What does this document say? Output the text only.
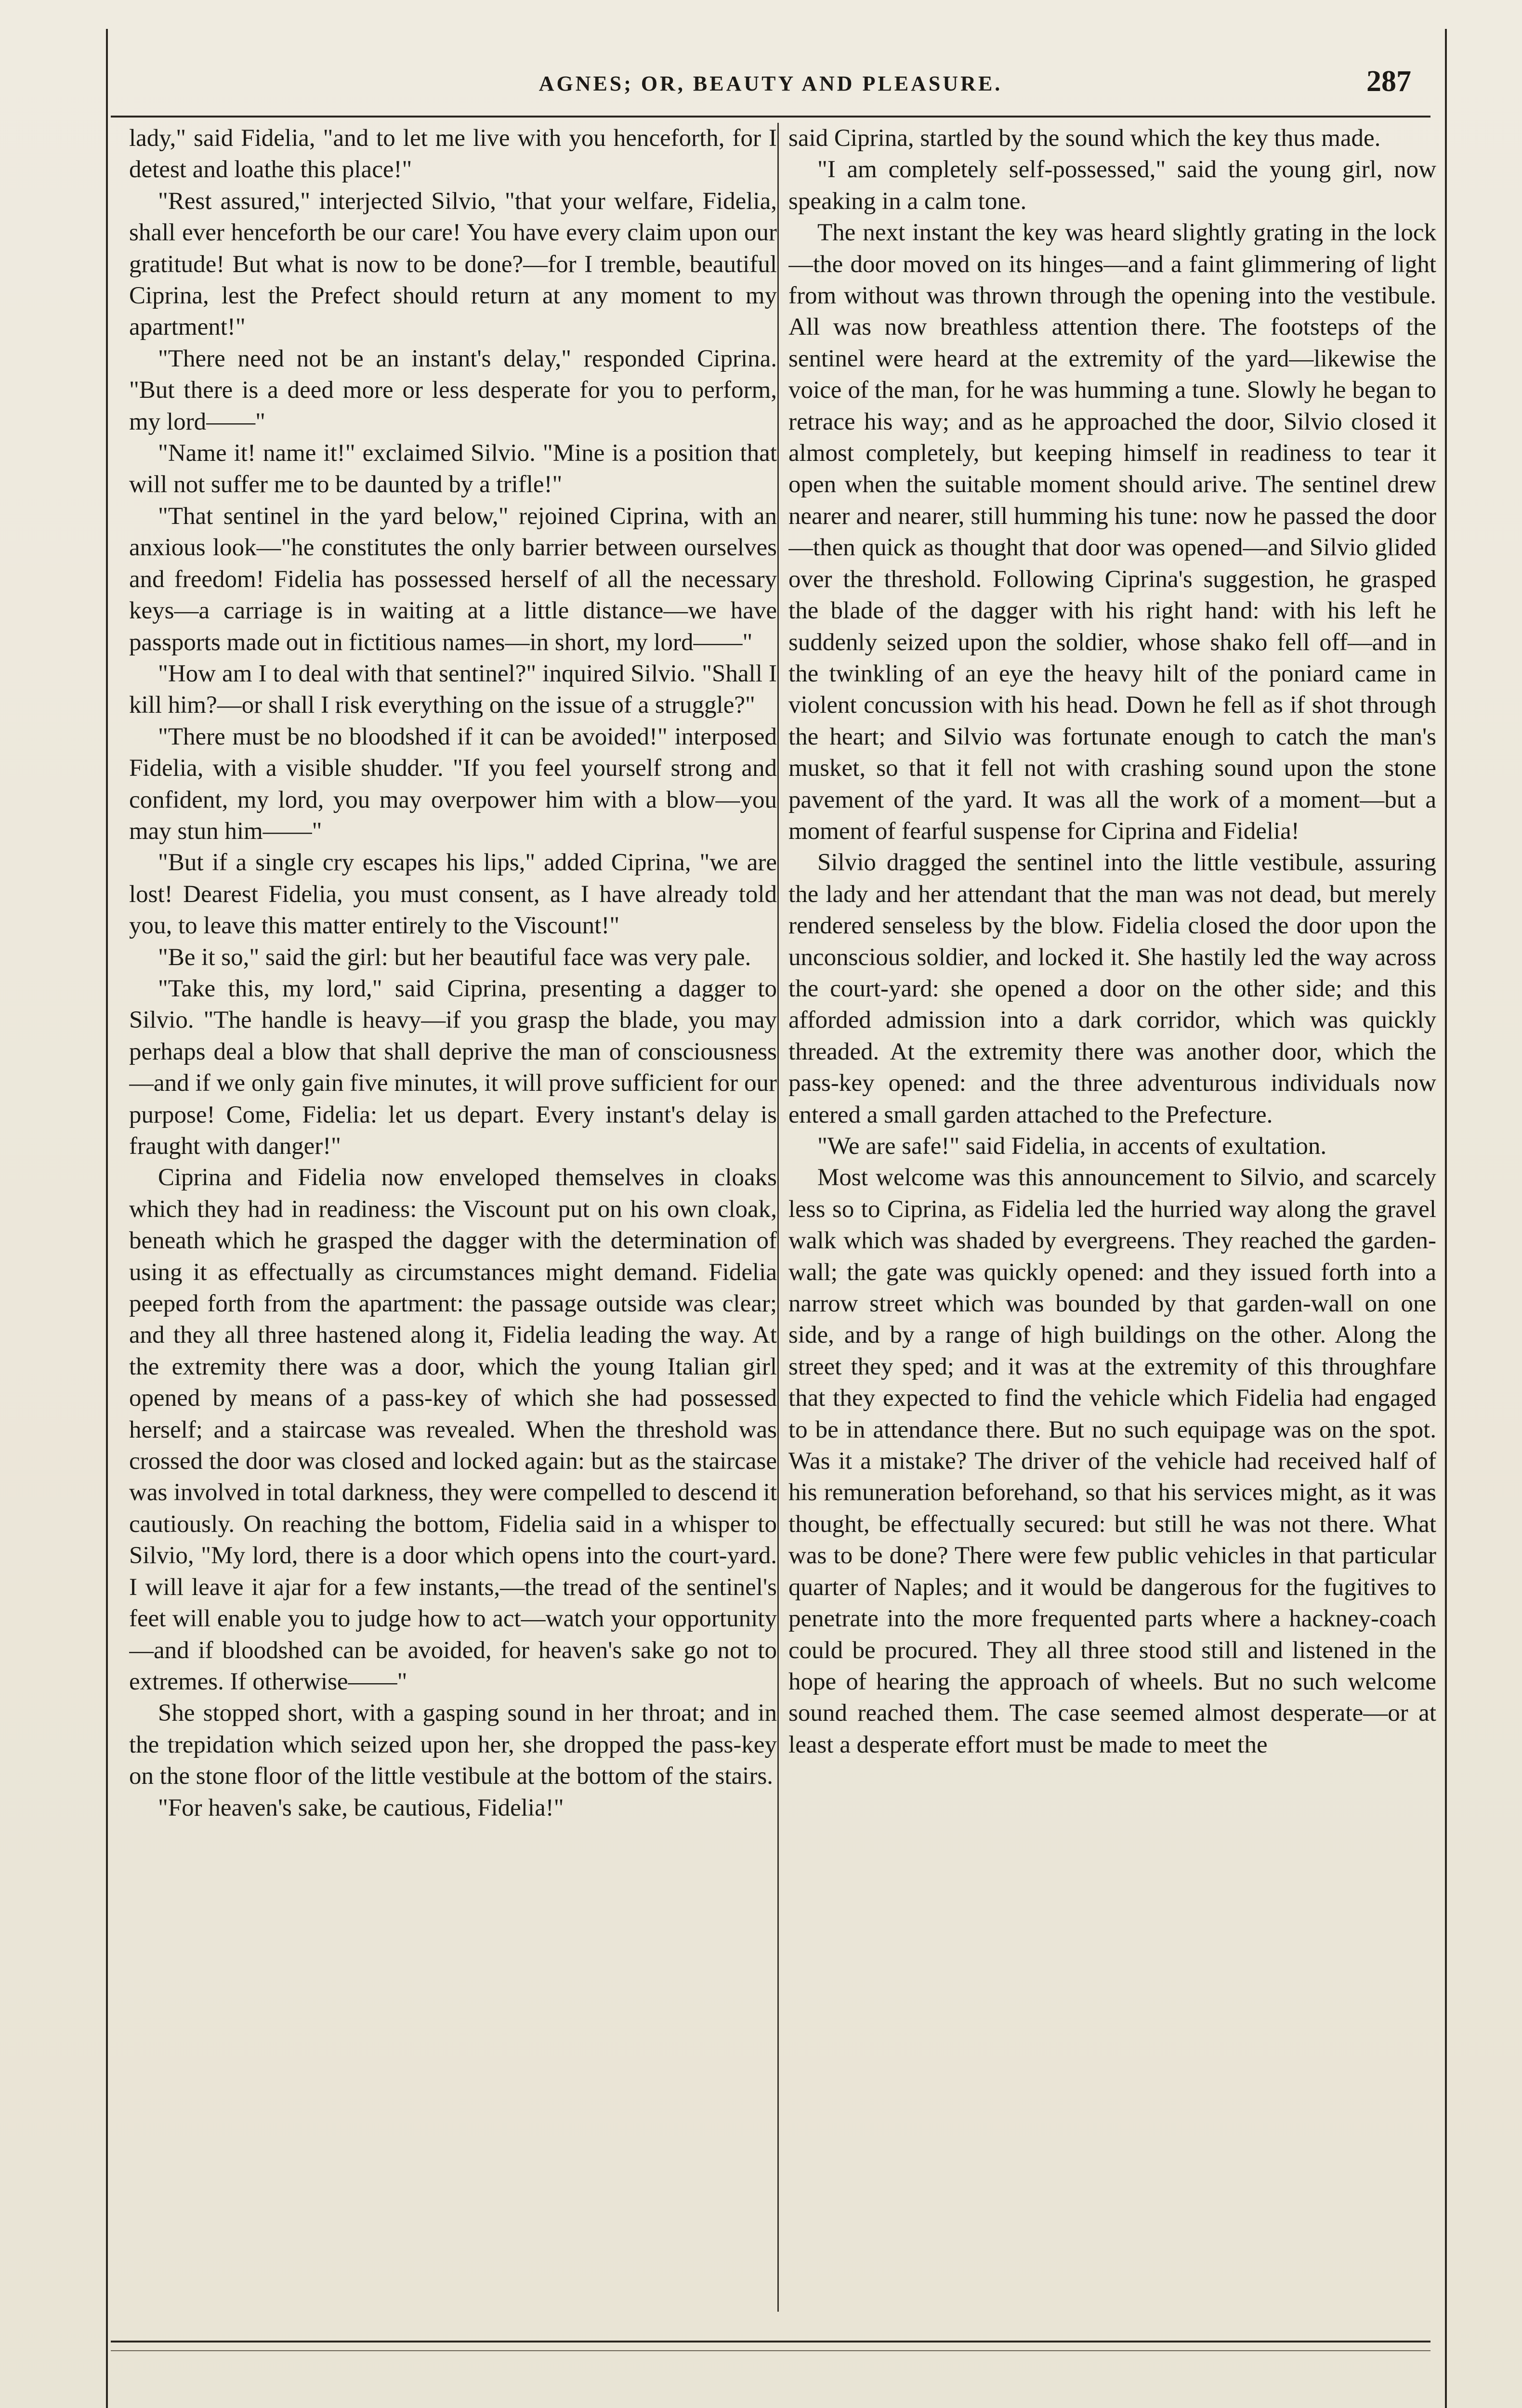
AGNES; OR, BEAUTY AND PLEASURE.	287

lady," said Fidelia, "and to let me live with you henceforth, for I detest and loathe this place!"

"Rest assured," interjected Silvio, "that your welfare, Fidelia, shall ever henceforth be our care! You have every claim upon our gratitude! But what is now to be done?—for I tremble, beautiful Ciprina, lest the Prefect should return at any moment to my apartment!"

"There need not be an instant's delay," responded Ciprina. "But there is a deed more or less desperate for you to perform, my lord——"

"Name it! name it!" exclaimed Silvio. "Mine is a position that will not suffer me to be daunted by a trifle!"

"That sentinel in the yard below," rejoined Ciprina, with an anxious look—"he constitutes the only barrier between ourselves and freedom! Fidelia has possessed herself of all the necessary keys—a carriage is in waiting at a little distance—we have passports made out in fictitious names—in short, my lord——"

"How am I to deal with that sentinel?" inquired Silvio. "Shall I kill him?—or shall I risk everything on the issue of a struggle?"

"There must be no bloodshed if it can be avoided!" interposed Fidelia, with a visible shudder. "If you feel yourself strong and confident, my lord, you may overpower him with a blow—you may stun him——"

"But if a single cry escapes his lips," added Ciprina, "we are lost! Dearest Fidelia, you must consent, as I have already told you, to leave this matter entirely to the Viscount!"

"Be it so," said the girl: but her beautiful face was very pale.

"Take this, my lord," said Ciprina, presenting a dagger to Silvio. "The handle is heavy—if you grasp the blade, you may perhaps deal a blow that shall deprive the man of consciousness—and if we only gain five minutes, it will prove sufficient for our purpose! Come, Fidelia: let us depart. Every instant's delay is fraught with danger!"

Ciprina and Fidelia now enveloped themselves in cloaks which they had in readiness: the Viscount put on his own cloak, beneath which he grasped the dagger with the determination of using it as effectually as circumstances might demand. Fidelia peeped forth from the apartment: the passage outside was clear; and they all three hastened along it, Fidelia leading the way. At the extremity there was a door, which the young Italian girl opened by means of a pass-key of which she had possessed herself; and a staircase was revealed. When the threshold was crossed the door was closed and locked again: but as the staircase was involved in total darkness, they were compelled to descend it cautiously. On reaching the bottom, Fidelia said in a whisper to Silvio, "My lord, there is a door which opens into the court-yard. I will leave it ajar for a few instants,—the tread of the sentinel's feet will enable you to judge how to act—watch your opportunity—and if bloodshed can be avoided, for heaven's sake go not to extremes. If otherwise——"

She stopped short, with a gasping sound in her throat; and in the trepidation which seized upon her, she dropped the pass-key on the stone floor of the little vestibule at the bottom of the stairs.

"For heaven's sake, be cautious, Fidelia!"

said Ciprina, startled by the sound which the key thus made.

"I am completely self-possessed," said the young girl, now speaking in a calm tone.

The next instant the key was heard slightly grating in the lock—the door moved on its hinges—and a faint glimmering of light from without was thrown through the opening into the vestibule. All was now breathless attention there. The footsteps of the sentinel were heard at the extremity of the yard—likewise the voice of the man, for he was humming a tune. Slowly he began to retrace his way; and as he approached the door, Silvio closed it almost completely, but keeping himself in readiness to tear it open when the suitable moment should arive. The sentinel drew nearer and nearer, still humming his tune: now he passed the door—then quick as thought that door was opened—and Silvio glided over the threshold. Following Ciprina's suggestion, he grasped the blade of the dagger with his right hand: with his left he suddenly seized upon the soldier, whose shako fell off—and in the twinkling of an eye the heavy hilt of the poniard came in violent concussion with his head. Down he fell as if shot through the heart; and Silvio was fortunate enough to catch the man's musket, so that it fell not with crashing sound upon the stone pavement of the yard. It was all the work of a moment—but a moment of fearful suspense for Ciprina and Fidelia!

Silvio dragged the sentinel into the little vestibule, assuring the lady and her attendant that the man was not dead, but merely rendered senseless by the blow. Fidelia closed the door upon the unconscious soldier, and locked it. She hastily led the way across the court-yard: she opened a door on the other side; and this afforded admission into a dark corridor, which was quickly threaded. At the extremity there was another door, which the pass-key opened: and the three adventurous individuals now entered a small garden attached to the Prefecture.

"We are safe!" said Fidelia, in accents of exultation.

Most welcome was this announcement to Silvio, and scarcely less so to Ciprina, as Fidelia led the hurried way along the gravel walk which was shaded by evergreens. They reached the garden-wall; the gate was quickly opened: and they issued forth into a narrow street which was bounded by that garden-wall on one side, and by a range of high buildings on the other. Along the street they sped; and it was at the extremity of this throughfare that they expected to find the vehicle which Fidelia had engaged to be in attendance there. But no such equipage was on the spot. Was it a mistake? The driver of the vehicle had received half of his remuneration beforehand, so that his services might, as it was thought, be effectually secured: but still he was not there. What was to be done? There were few public vehicles in that particular quarter of Naples; and it would be dangerous for the fugitives to penetrate into the more frequented parts where a hackney-coach could be procured. They all three stood still and listened in the hope of hearing the approach of wheels. But no such welcome sound reached them. The case seemed almost desperate—or at least a desperate effort must be made to meet the
